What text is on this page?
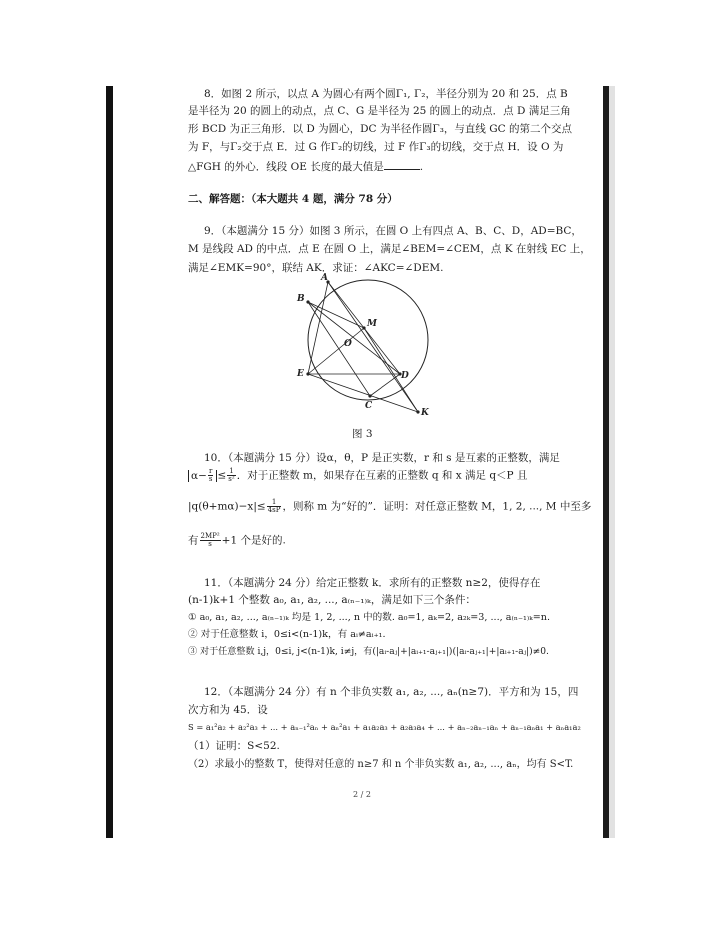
8．如图 2 所示，以点 A 为圆心有两个圆Γ₁, Γ₂，半径分别为 20 和 25．点 B
是半径为 20 的圆上的动点，点 C、G 是半径为 25 的圆上的动点．点 D 满足三角
形 BCD 为正三角形．以 D 为圆心，DC 为半径作圆Γ₃，与直线 GC 的第二个交点
为 F，与Γ₂交于点 E．过 G 作Γ₂的切线，过 F 作Γ₃的切线，交于点 H．设 O 为
△FGH 的外心．线段 OE 长度的最大值是	.
二、解答题：（本大题共 4 题，满分 78 分）
9．（本题满分 15 分）如图 3 所示，在圆 O 上有四点 A、B、C、D，AD=BC，
M 是线段 AD 的中点．点 E 在圆 O 上，满足∠BEM=∠CEM，点 K 在射线 EC 上，
满足∠EMK=90°，联结 AK．求证：∠AKC=∠DEM.
A
B
M
O
E	D
C
K
图 3
10．（本题满分 15 分）设α，θ，P 是正实数，r 和 s 是互素的正整数，满足
$\alpha- \frac{r}{s} \le \frac{1}{\text{s²}}$ ．对于正整数 m，如果存在互素的正整数 q 和 x 满足 q＜P 且
$|q(\theta+m\alpha)-x|\le \frac{1}{4sP}$ ，则称 m 为“好的”．证明：对任意正整数 M，1, 2, ..., M 中至多
有 $\frac{\text{2MP²}}{s} +1$ 个是好的.
11．（本题满分 24 分）给定正整数 k．求所有的正整数 n≥2，使得存在
(n-1)k+1 个整数 a₀, a₁, a₂, ..., a₍ₙ₋₁₎ₖ，满足如下三个条件：
① a₀, a₁, a₂, ..., a₍ₙ₋₁₎ₖ 均是 1, 2, ..., n 中的数. a₀=1, aₖ=2, a₂ₖ=3, ..., a₍ₙ₋₁₎ₖ=n.
② 对于任意整数 i，0≤i<(n-1)k，有 aᵢ≠aᵢ₊₁.
③ 对于任意整数 i,j，0≤i, j<(n-1)k, i≠j，有(|aᵢ-aⱼ|+|aᵢ₊₁-aⱼ₊₁|)(|aᵢ-aⱼ₊₁|+|aᵢ₊₁-aⱼ|)≠0.
12．（本题满分 24 分）有 n 个非负实数 a₁, a₂, ..., aₙ(n≥7)．平方和为 15，四
次方和为 45．设
S = a₁²a₂ + a₂²a₃ + ... + aₙ₋₁²aₙ + aₙ²a₁ + a₁a₂a₃ + a₂a₃a₄ + ... + aₙ₋₂aₙ₋₁aₙ + aₙ₋₁aₙa₁ + aₙa₁a₂
（1）证明：S<52.
（2）求最小的整数 T，使得对任意的 n≥7 和 n 个非负实数 a₁, a₂, ..., aₙ，均有 S<T.
2 / 2
